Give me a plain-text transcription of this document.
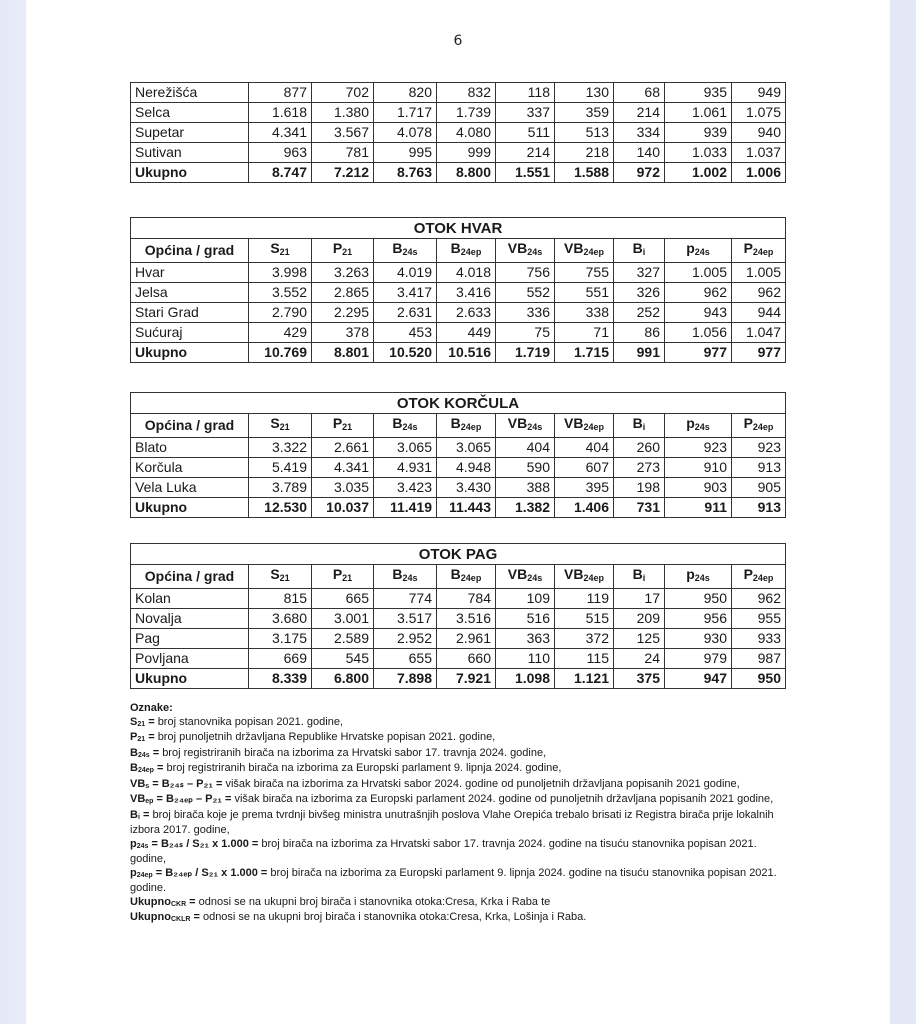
6
Nerežišća	877	702	820	832	118	130	68	935	949
Selca	1.618	1.380	1.717	1.739	337	359	214	1.061	1.075
Supetar	4.341	3.567	4.078	4.080	511	513	334	939	940
Sutivan	963	781	995	999	214	218	140	1.033	1.037
Ukupno	8.747	7.212	8.763	8.800	1.551	1.588	972	1.002	1.006
OTOK HVAR									
Općina / grad	$S_{21}$	$P_{21}$	$B_{24s}$	$B_{24ep}$	$VB_{24s}$	$VB_{24ep}$	$B_i$	$p_{24s}$	$P_{24ep}$
Hvar	3.998	3.263	4.019	4.018	756	755	327	1.005	1.005
Jelsa	3.552	2.865	3.417	3.416	552	551	326	962	962
Stari Grad	2.790	2.295	2.631	2.633	336	338	252	943	944
Sućuraj	429	378	453	449	75	71	86	1.056	1.047
Ukupno	10.769	8.801	10.520	10.516	1.719	1.715	991	977	977
OTOK KORČULA									
Općina / grad	$S_{21}$	$P_{21}$	$B_{24s}$	$B_{24ep}$	$VB_{24s}$	$VB_{24ep}$	$B_i$	$p_{24s}$	$P_{24ep}$
Blato	3.322	2.661	3.065	3.065	404	404	260	923	923
Korčula	5.419	4.341	4.931	4.948	590	607	273	910	913
Vela Luka	3.789	3.035	3.423	3.430	388	395	198	903	905
Ukupno	12.530	10.037	11.419	11.443	1.382	1.406	731	911	913
OTOK PAG									
Općina / grad	$S_{21}$	$P_{21}$	$B_{24s}$	$B_{24ep}$	$VB_{24s}$	$VB_{24ep}$	$B_i$	$p_{24s}$	$P_{24ep}$
Kolan	815	665	774	784	109	119	17	950	962
Novalja	3.680	3.001	3.517	3.516	516	515	209	956	955
Pag	3.175	2.589	2.952	2.961	363	372	125	930	933
Povljana	669	545	655	660	110	115	24	979	987
Ukupno	8.339	6.800	7.898	7.921	1.098	1.121	375	947	950
Oznake:
$S_{21}$ = broj stanovnika popisan 2021. godine,
$P_{21}$ = broj punoljetnih državljana Republike Hrvatske popisan 2021. godine,
$B_{24s}$ = broj registriranih birača na izborima za Hrvatski sabor 17. travnja 2024. godine,
$B_{24ep}$ = broj registriranih birača na izborima za Europski parlament 9. lipnja 2024. godine,
$VB_s = B_{24s} - P_{21}$ = višak birača na izborima za Hrvatski sabor 2024. godine od punoljetnih državljana popisanih 2021 godine,
$VB_{ep} = B_{24ep} - P_{21}$ = višak birača na izborima za Europski parlament 2024. godine od punoljetnih državljana popisanih 2021 godine,
$B_i$ = broj birača koje je prema tvrdnji bivšeg ministra unutrašnjih poslova Vlahe Orepića trebalo brisati iz Registra birača prije lokalnih izbora 2017. godine,
$p_{24s} = B_{24s} / S_{21}$ x 1.000 = broj birača na izborima za Hrvatski sabor 17. travnja 2024. godine na tisuću stanovnika popisan 2021. godine,
$p_{24ep} = B_{24ep} / S_{21}$ x 1.000 = broj birača na izborima za Europski parlament 9. lipnja 2024. godine na tisuću stanovnika popisan 2021. godine.
Ukupno$_{CKR}$ = odnosi se na ukupni broj birača i stanovnika otoka:Cresa, Krka i Raba te
Ukupno$_{CKLR}$ = odnosi se na ukupni broj birača i stanovnika otoka:Cresa, Krka, Lošinja i Raba.
